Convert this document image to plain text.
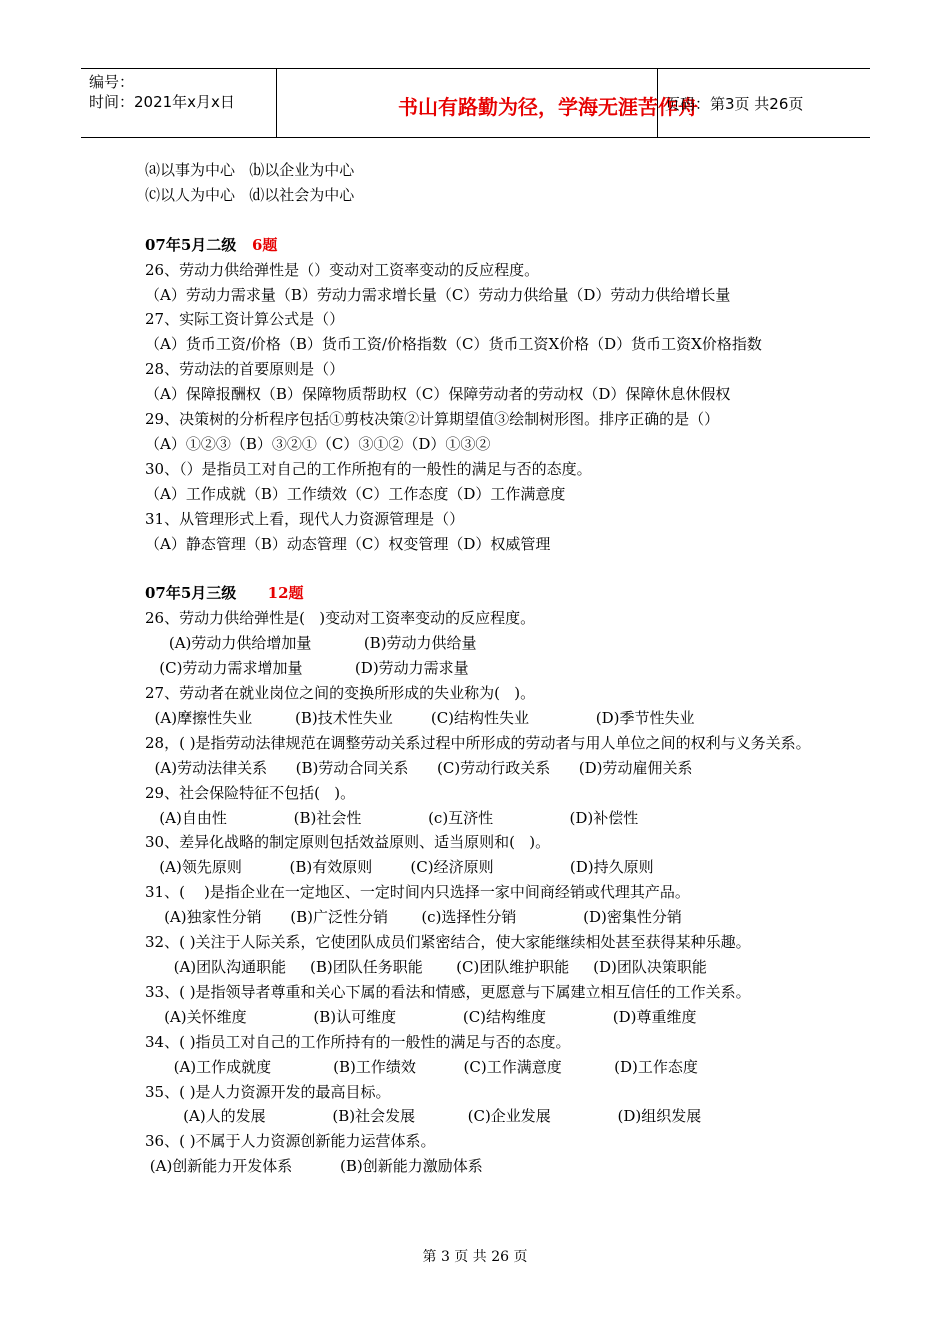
编号：
时间：2021年x月x日	书山有路勤为径，学海无涯苦作舟
页码：第3页 共26页
⒜以事为中心   ⒝以企业为中心
⒞以人为中心   ⒟以社会为中心
07年5月二级 6题
26、劳动力供给弹性是（）变动对工资率变动的反应程度。
（A）劳动力需求量（B）劳动力需求增长量（C）劳动力供给量（D）劳动力供给增长量
27、实际工资计算公式是（）
（A）货币工资/价格（B）货币工资/价格指数（C）货币工资X价格（D）货币工资X价格指数
28、劳动法的首要原则是（）
（A）保障报酬权（B）保障物质帮助权（C）保障劳动者的劳动权（D）保障休息休假权
29、决策树的分析程序包括①剪枝决策②计算期望值③绘制树形图。排序正确的是（）
（A）①②③（B）③②①（C）③①②（D）①③②
30、（）是指员工对自己的工作所抱有的一般性的满足与否的态度。
（A）工作成就（B）工作绩效（C）工作态度（D）工作满意度
31、从管理形式上看，现代人力资源管理是（）
（A）静态管理（B）动态管理（C）权变管理（D）权威管理
07年5月三级 12题
26、劳动力供给弹性是(   )变动对工资率变动的反应程度。
(A)劳动力供给增加量           (B)劳动力供给量
(C)劳动力需求增加量           (D)劳动力需求量
27、劳动者在就业岗位之间的变换所形成的失业称为(   )。
(A)摩擦性失业         (B)技术性失业        (C)结构性失业              (D)季节性失业
28，( )是指劳动法律规范在调整劳动关系过程中所形成的劳动者与用人单位之间的权利与义务关系。
(A)劳动法律关系      (B)劳动合同关系      (C)劳动行政关系      (D)劳动雇佣关系
29、社会保险特征不包括(   )。
(A)自由性              (B)社会性              (c)互济性                (D)补偿性
30、差异化战略的制定原则包括效益原则、适当原则和(   )。
(A)领先原则          (B)有效原则        (C)经济原则                (D)持久原则
31、(    )是指企业在一定地区、一定时间内只选择一家中间商经销或代理其产品。
(A)独家性分销      (B)广泛性分销       (c)选择性分销              (D)密集性分销
32、( )关注于人际关系，它使团队成员们紧密结合，使大家能继续相处甚至获得某种乐趣。
(A)团队沟通职能     (B)团队任务职能       (C)团队维护职能     (D)团队决策职能
33、( )是指领导者尊重和关心下属的看法和情感，更愿意与下属建立相互信任的工作关系。
(A)关怀维度              (B)认可维度              (C)结构维度              (D)尊重维度
34、( )指员工对自己的工作所持有的一般性的满足与否的态度。
(A)工作成就度             (B)工作绩效          (C)工作满意度           (D)工作态度
35、( )是人力资源开发的最高目标。
(A)人的发展              (B)社会发展           (C)企业发展              (D)组织发展
36、( )不属于人力资源创新能力运营体系。
(A)创新能力开发体系          (B)创新能力激励体系
第 3 页 共 26 页
